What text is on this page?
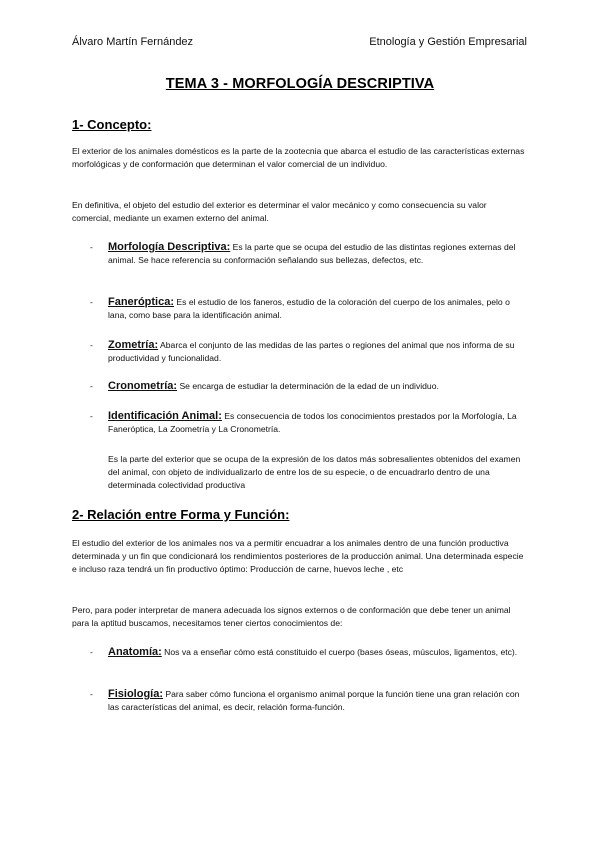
Álvaro Martín Fernández	Etnología y Gestión Empresarial
TEMA 3 - MORFOLOGÍA DESCRIPTIVA
1- Concepto:
El exterior de los animales domésticos es la parte de la zootecnia que abarca el estudio de las características externas morfológicas y de conformación que determinan el valor comercial de un individuo.
En definitiva, el objeto del estudio del exterior es determinar el valor mecánico y como consecuencia su valor comercial, mediante un examen externo del animal.
- Morfología Descriptiva: Es la parte que se ocupa del estudio de las distintas regiones externas del animal. Se hace referencia su conformación señalando sus bellezas, defectos, etc.

- Faneróptica: Es el estudio de los faneros, estudio de la coloración del cuerpo de los animales, pelo o lana, como base para la identificación animal.

- Zometría: Abarca el conjunto de las medidas de las partes o regiones del animal que nos informa de su productividad y funcionalidad.

- Cronometría: Se encarga de estudiar la determinación de la edad de un individuo.

- Identificación Animal: Es consecuencia de todos los conocimientos prestados por la Morfología, La Faneróptica, La Zoometría y La Cronometría.

Es la parte del exterior que se ocupa de la expresión de los datos más sobresalientes obtenidos del examen del animal, con objeto de individualizarlo de entre los de su especie, o de encuadrarlo dentro de una determinada colectividad productiva
2- Relación entre Forma y Función:
El estudio del exterior de los animales nos va a permitir encuadrar a los animales dentro de una función productiva determinada y un fin que condicionará los rendimientos posteriores de la producción animal. Una determinada especie e incluso raza tendrá un fin productivo óptimo: Producción de carne, huevos leche , etc
Pero, para poder interpretar de manera adecuada los signos externos o de conformación que debe tener un animal para la aptitud buscamos, necesitamos tener ciertos conocimientos de:
- Anatomía: Nos va a enseñar cómo está constituido el cuerpo (bases óseas, músculos, ligamentos, etc).

- Fisiología: Para saber cómo funciona el organismo animal porque la función tiene una gran relación con las características del animal, es decir, relación forma-función.
